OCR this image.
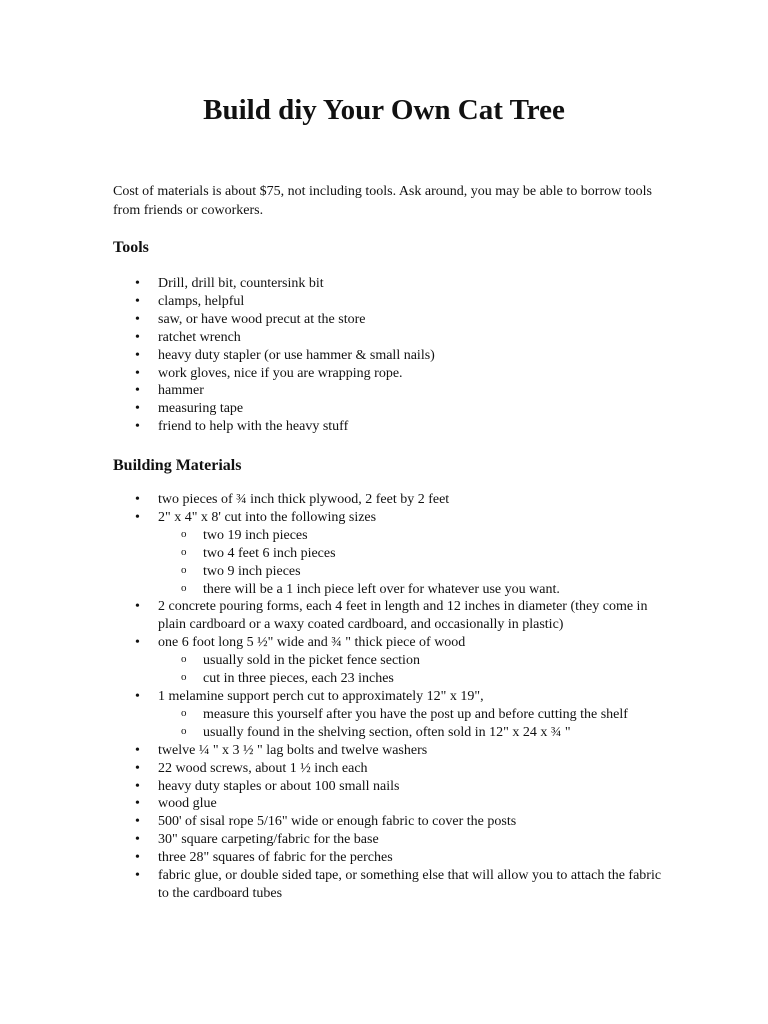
Build diy Your Own Cat Tree

Cost of materials is about $75, not including tools. Ask around, you may be able to borrow tools from friends or coworkers.

Tools
• Drill, drill bit, countersink bit
• clamps, helpful
• saw, or have wood precut at the store
• ratchet wrench
• heavy duty stapler (or use hammer & small nails)
• work gloves, nice if you are wrapping rope.
• hammer
• measuring tape
• friend to help with the heavy stuff
Building Materials
• two pieces of ¾ inch thick plywood, 2 feet by 2 feet
• 2" x 4" x 8' cut into the following sizes
o two 19 inch pieces
o two 4 feet 6 inch pieces
o two 9 inch pieces
o there will be a 1 inch piece left over for whatever use you want.
• 2 concrete pouring forms, each 4 feet in length and 12 inches in diameter (they come in plain cardboard or a waxy coated cardboard, and occasionally in plastic)
• one 6 foot long 5 ½" wide and ¾ " thick piece of wood
o usually sold in the picket fence section
o cut in three pieces, each 23 inches
• 1 melamine support perch cut to approximately 12" x 19",
o measure this yourself after you have the post up and before cutting the shelf
o usually found in the shelving section, often sold in 12" x 24 x ¾ "
• twelve ¼ " x 3 ½ " lag bolts and twelve washers
• 22 wood screws, about 1 ½ inch each
• heavy duty staples or about 100 small nails
• wood glue
• 500' of sisal rope 5/16" wide or enough fabric to cover the posts
• 30" square carpeting/fabric for the base
• three 28" squares of fabric for the perches
• fabric glue, or double sided tape, or something else that will allow you to attach the fabric to the cardboard tubes
